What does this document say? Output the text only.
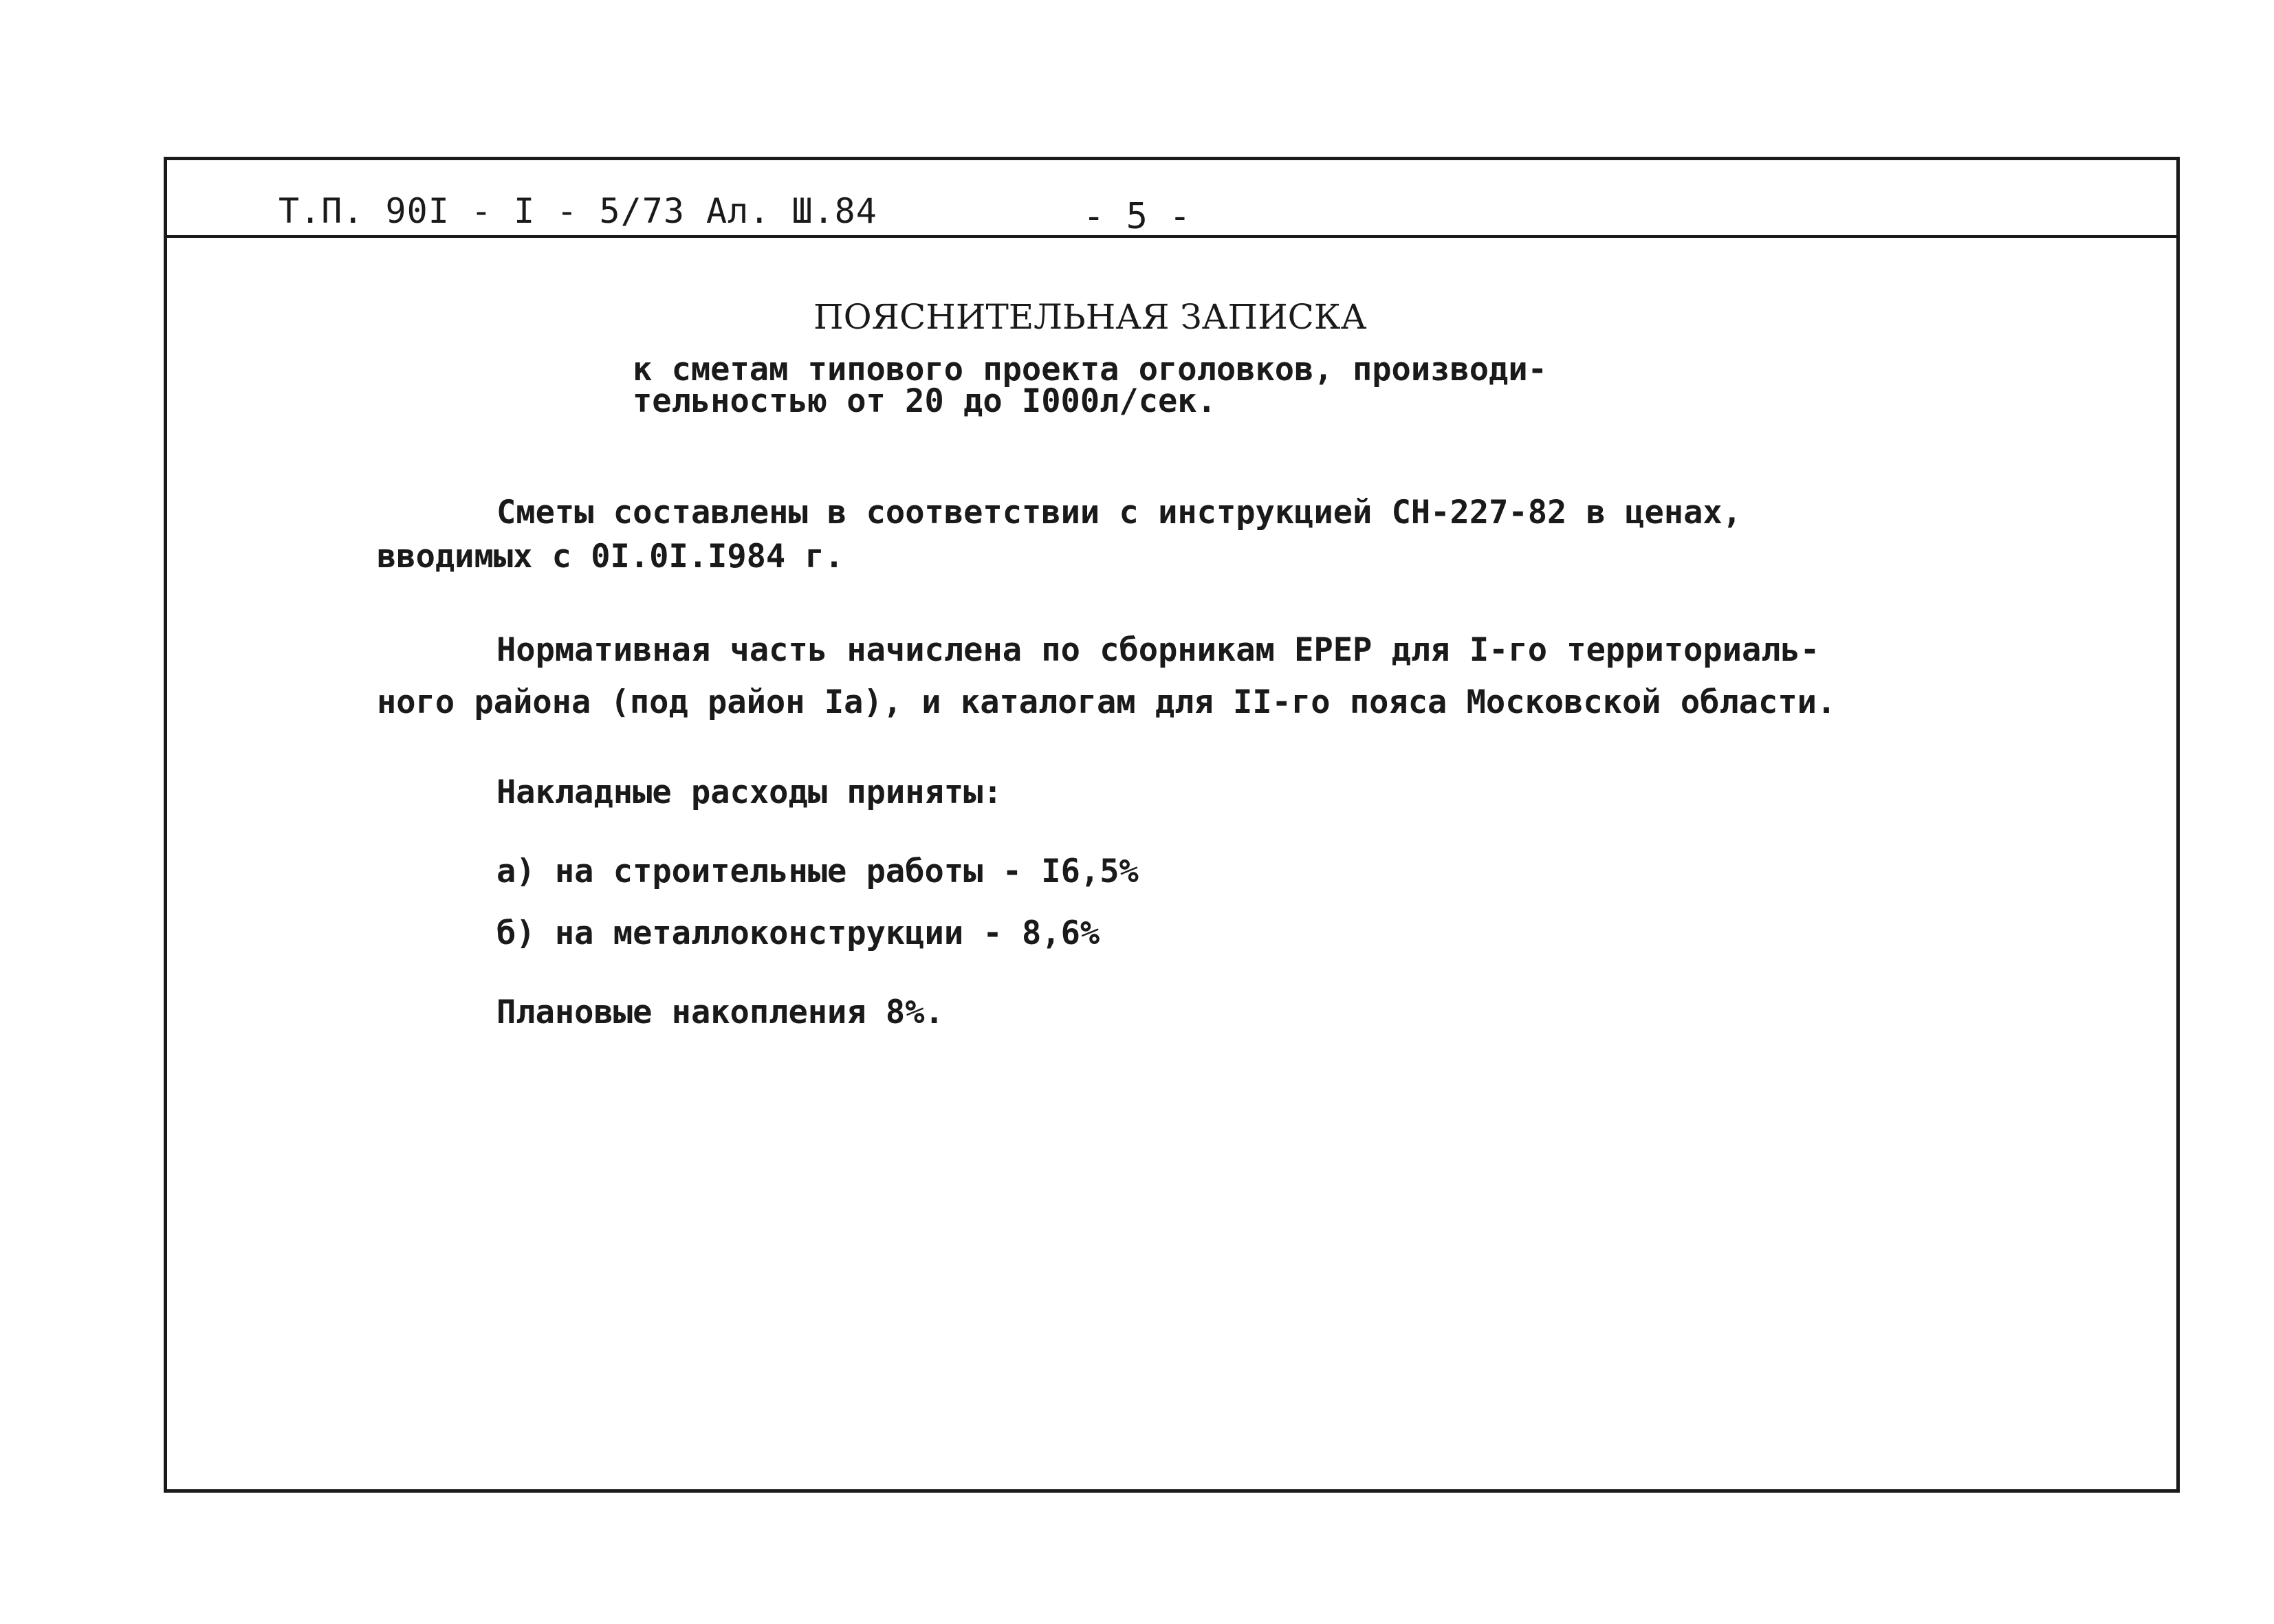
Т.П. 90I - I - 5/73 Ал. Ш.84	- 5 -
ПОЯСНИТЕЛЬНАЯ ЗАПИСКА
к сметам типового проекта оголовков, производи-
тельностью от 20 до I000л/сек.
Сметы составлены в соответствии с инструкцией СН-227-82 в ценах,
вводимых с 0I.0I.I984 г.
Нормативная часть начислена по сборникам ЕРЕР для I-го территориаль-
ного района (под район Iа), и каталогам для II-го пояса Московской области.
Накладные расходы приняты:
а) на строительные работы - I6,5%
б) на металлоконструкции - 8,6%
Плановые накопления 8%.
